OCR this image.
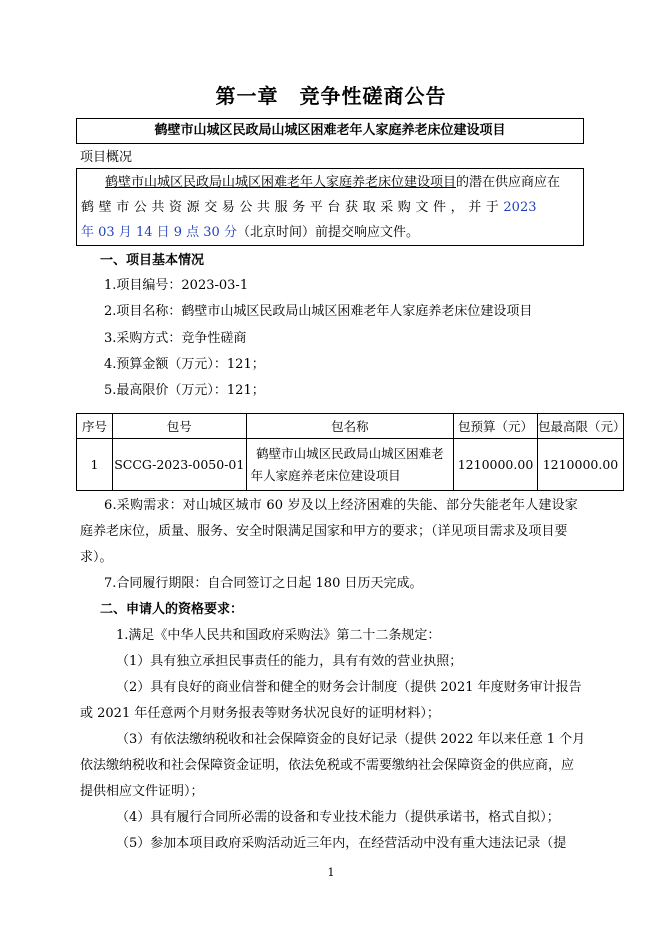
第一章　竞争性磋商公告
鹤壁市山城区民政局山城区困难老年人家庭养老床位建设项目
项目概况
鹤壁市山城区民政局山城区困难老年人家庭养老床位建设项目的潜在供应商应在
鹤壁市公共资源交易公共服务平台获取采购文件，并于2023
年 03 月 14 日 9 点 30 分（北京时间）前提交响应文件。
一、项目基本情况
1.项目编号：2023-03-1
2.项目名称：鹤壁市山城区民政局山城区困难老年人家庭养老床位建设项目
3.采购方式：竞争性磋商
4.预算金额（万元）：121；
5.最高限价（万元）：121；
序号	包号	包名称	包预算（元）	包最高限（元）
1	SCCG-2023-0050-01	鹤壁市山城区民政局山城区困难老
年人家庭养老床位建设项目	1210000.00	1210000.00
6.采购需求：对山城区城市 60 岁及以上经济困难的失能、部分失能老年人建设家
庭养老床位，质量、服务、安全时限满足国家和甲方的要求；（详见项目需求及项目要
求）。
7.合同履行期限：自合同签订之日起 180 日历天完成。
二、申请人的资格要求：
1.满足《中华人民共和国政府采购法》第二十二条规定：
（1）具有独立承担民事责任的能力，具有有效的营业执照；
（2）具有良好的商业信誉和健全的财务会计制度（提供 2021 年度财务审计报告
或 2021 年任意两个月财务报表等财务状况良好的证明材料）；
（3）有依法缴纳税收和社会保障资金的良好记录（提供 2022 年以来任意 1 个月
依法缴纳税收和社会保障资金证明，依法免税或不需要缴纳社会保障资金的供应商，应
提供相应文件证明）；
（4）具有履行合同所必需的设备和专业技术能力（提供承诺书，格式自拟）；
（5）参加本项目政府采购活动近三年内，在经营活动中没有重大违法记录（提
1
